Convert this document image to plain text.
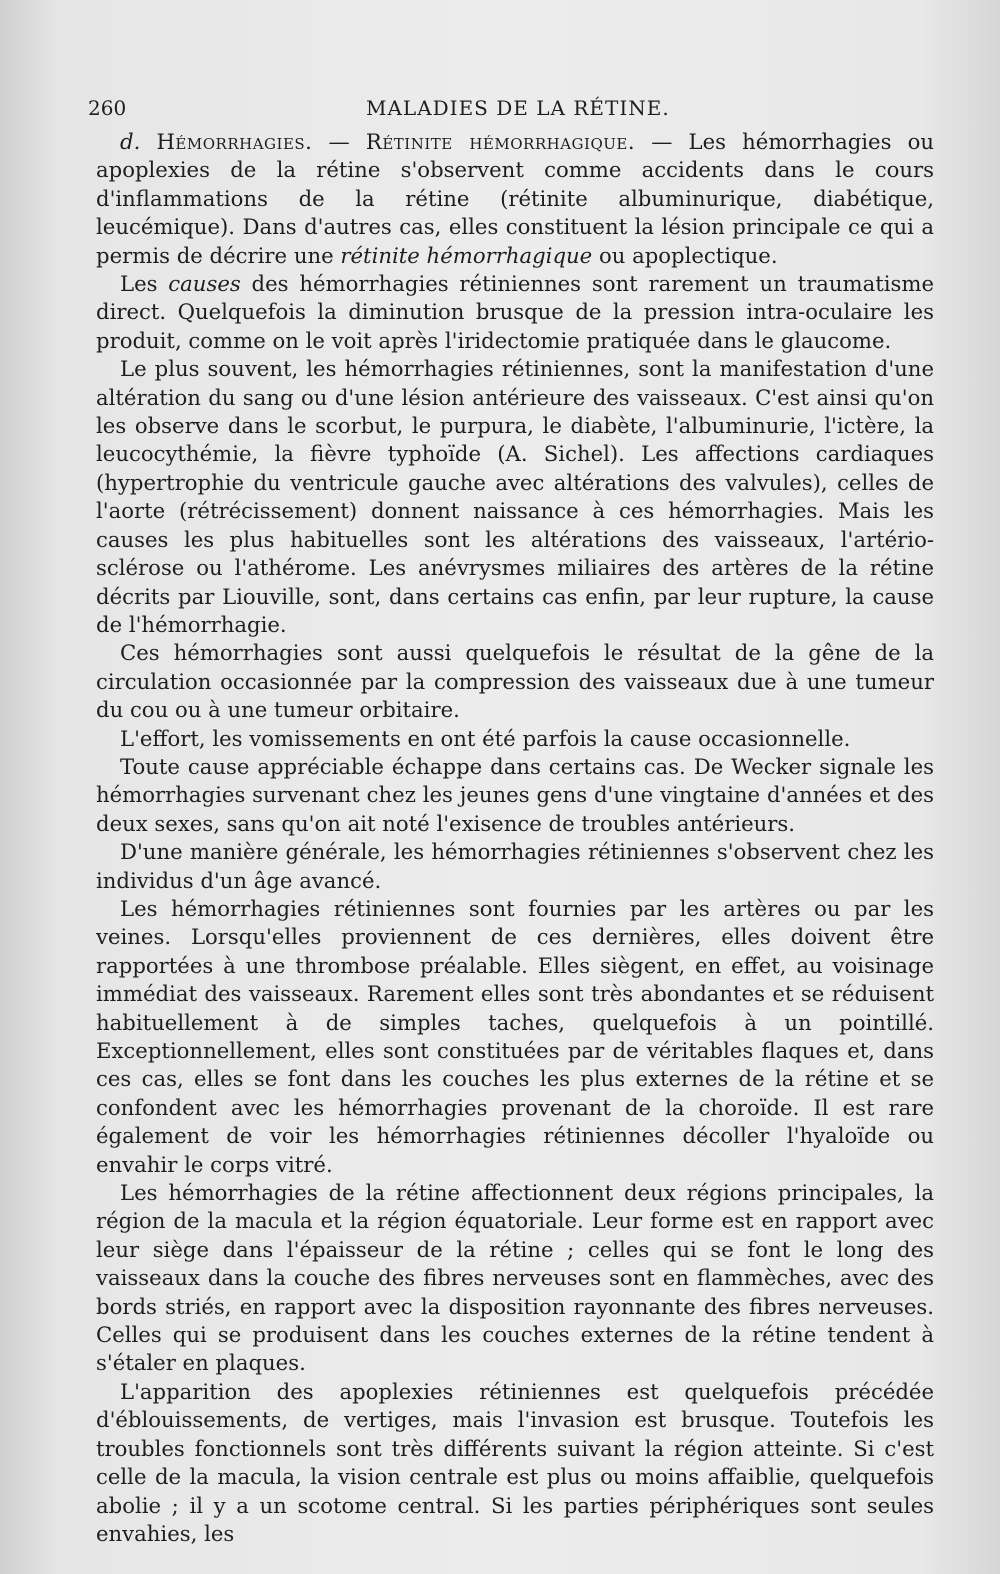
260	MALADIES DE LA RÉTINE.

d. Hémorrhagies. — Rétinite hémorrhagique. — Les hémorrhagies ou apoplexies de la rétine s'observent comme accidents dans le cours d'inflammations de la rétine (rétinite albuminurique, diabétique, leucémique). Dans d'autres cas, elles constituent la lésion principale ce qui a permis de décrire une rétinite hémorrhagique ou apoplectique.

Les causes des hémorrhagies rétiniennes sont rarement un traumatisme direct. Quelquefois la diminution brusque de la pression intra-oculaire les produit, comme on le voit après l'iridectomie pratiquée dans le glaucome.

Le plus souvent, les hémorrhagies rétiniennes, sont la manifestation d'une altération du sang ou d'une lésion antérieure des vaisseaux. C'est ainsi qu'on les observe dans le scorbut, le purpura, le diabète, l'albuminurie, l'ictère, la leucocythémie, la fièvre typhoïde (A. Sichel). Les affections cardiaques (hypertrophie du ventricule gauche avec altérations des valvules), celles de l'aorte (rétrécissement) donnent naissance à ces hémorrhagies. Mais les causes les plus habituelles sont les altérations des vaisseaux, l'artério-sclérose ou l'athérome. Les anévrysmes miliaires des artères de la rétine décrits par Liouville, sont, dans certains cas enfin, par leur rupture, la cause de l'hémorrhagie.

Ces hémorrhagies sont aussi quelquefois le résultat de la gêne de la circulation occasionnée par la compression des vaisseaux due à une tumeur du cou ou à une tumeur orbitaire.

L'effort, les vomissements en ont été parfois la cause occasionnelle.

Toute cause appréciable échappe dans certains cas. De Wecker signale les hémorrhagies survenant chez les jeunes gens d'une vingtaine d'années et des deux sexes, sans qu'on ait noté l'exisence de troubles antérieurs.

D'une manière générale, les hémorrhagies rétiniennes s'observent chez les individus d'un âge avancé.

Les hémorrhagies rétiniennes sont fournies par les artères ou par les veines. Lorsqu'elles proviennent de ces dernières, elles doivent être rapportées à une thrombose préalable. Elles siègent, en effet, au voisinage immédiat des vaisseaux. Rarement elles sont très abondantes et se réduisent habituellement à de simples taches, quelquefois à un pointillé. Exceptionnellement, elles sont constituées par de véritables flaques et, dans ces cas, elles se font dans les couches les plus externes de la rétine et se confondent avec les hémorrhagies provenant de la choroïde. Il est rare également de voir les hémorrhagies rétiniennes décoller l'hyaloïde ou envahir le corps vitré.

Les hémorrhagies de la rétine affectionnent deux régions principales, la région de la macula et la région équatoriale. Leur forme est en rapport avec leur siège dans l'épaisseur de la rétine ; celles qui se font le long des vaisseaux dans la couche des fibres nerveuses sont en flammèches, avec des bords striés, en rapport avec la disposition rayonnante des fibres nerveuses. Celles qui se produisent dans les couches externes de la rétine tendent à s'étaler en plaques.

L'apparition des apoplexies rétiniennes est quelquefois précédée d'éblouissements, de vertiges, mais l'invasion est brusque. Toutefois les troubles fonctionnels sont très différents suivant la région atteinte. Si c'est celle de la macula, la vision centrale est plus ou moins affaiblie, quelquefois abolie ; il y a un scotome central. Si les parties périphériques sont seules envahies, les
